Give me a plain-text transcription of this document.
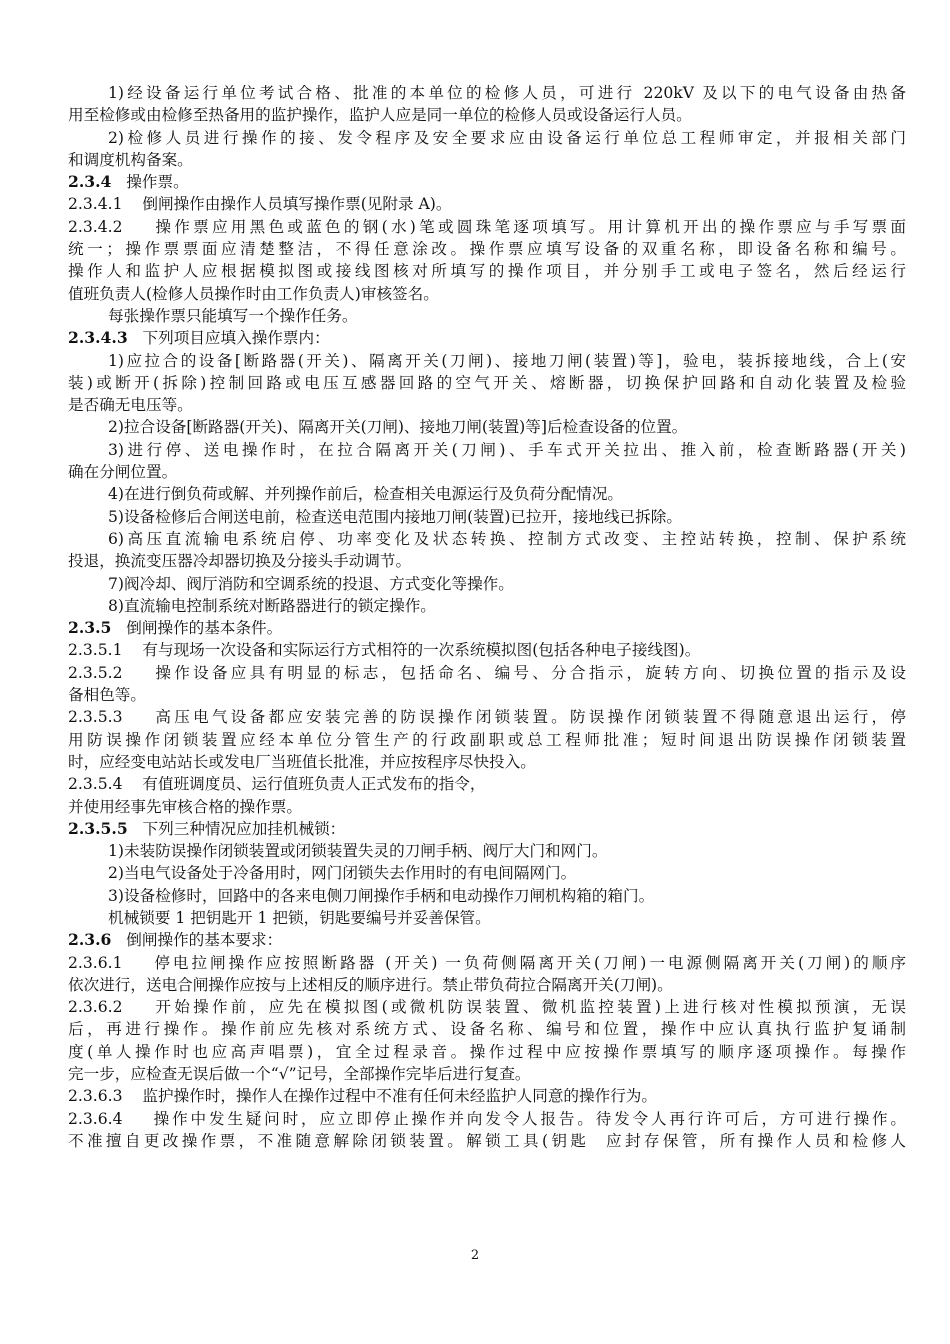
1)经设备运行单位考试合格、批准的本单位的检修人员，可进行 220kV 及以下的电气设备由热备
用至检修或由检修至热备用的监护操作，监护人应是同一单位的检修人员或设备运行人员。
2)检修人员进行操作的接、发令程序及安全要求应由设备运行单位总工程师审定，并报相关部门
和调度机构备案。
2.3.4   操作票。
2.3.4.1    倒闸操作由操作人员填写操作票(见附录 A)。
2.3.4.2    操作票应用黑色或蓝色的钢(水)笔或圆珠笔逐项填写。用计算机开出的操作票应与手写票面
统一；操作票票面应清楚整洁，不得任意涂改。操作票应填写设备的双重名称，即设备名称和编号。
操作人和监护人应根据模拟图或接线图核对所填写的操作项目，并分别手工或电子签名，然后经运行
值班负责人(检修人员操作时由工作负责人)审核签名。
每张操作票只能填写一个操作任务。
2.3.4.3   下列项目应填入操作票内：
1)应拉合的设备[断路器(开关)、隔离开关(刀闸)、接地刀闸(装置)等]，验电，装拆接地线，合上(安
装)或断开(拆除)控制回路或电压互感器回路的空气开关、熔断器，切换保护回路和自动化装置及检验
是否确无电压等。
2)拉合设备[断路器(开关)、隔离开关(刀闸)、接地刀闸(装置)等]后检查设备的位置。
3)进行停、送电操作时，在拉合隔离开关(刀闸)、手车式开关拉出、推入前，检查断路器(开关)
确在分闸位置。
4)在进行倒负荷或解、并列操作前后，检查相关电源运行及负荷分配情况。
5)设备检修后合闸送电前，检查送电范围内接地刀闸(装置)已拉开，接地线已拆除。
6)高压直流输电系统启停、功率变化及状态转换、控制方式改变、主控站转换，控制、保护系统
投退，换流变压器冷却器切换及分接头手动调节。
7)阀冷却、阀厅消防和空调系统的投退、方式变化等操作。
8)直流输电控制系统对断路器进行的锁定操作。
2.3.5   倒闸操作的基本条件。
2.3.5.1    有与现场一次设备和实际运行方式相符的一次系统模拟图(包括各种电子接线图)。
2.3.5.2    操作设备应具有明显的标志，包括命名、编号、分合指示，旋转方向、切换位置的指示及设
备相色等。
2.3.5.3    高压电气设备都应安装完善的防误操作闭锁装置。防误操作闭锁装置不得随意退出运行，停
用防误操作闭锁装置应经本单位分管生产的行政副职或总工程师批准；短时间退出防误操作闭锁装置
时，应经变电站站长或发电厂当班值长批准，并应按程序尽快投入。
2.3.5.4    有值班调度员、运行值班负责人正式发布的指令，
并使用经事先审核合格的操作票。
2.3.5.5   下列三种情况应加挂机械锁：
1)未装防误操作闭锁装置或闭锁装置失灵的刀闸手柄、阀厅大门和网门。
2)当电气设备处于冷备用时，网门闭锁失去作用时的有电间隔网门。
3)设备检修时，回路中的各来电侧刀闸操作手柄和电动操作刀闸机构箱的箱门。
机械锁要 1 把钥匙开 1 把锁，钥匙要编号并妥善保管。
2.3.6   倒闸操作的基本要求：
2.3.6.1    停电拉闸操作应按照断路器 (开关) 一负荷侧隔离开关(刀闸)一电源侧隔离开关(刀闸)的顺序
依次进行，送电合闸操作应按与上述相反的顺序进行。禁止带负荷拉合隔离开关(刀闸)。
2.3.6.2    开始操作前，应先在模拟图(或微机防误装置、微机监控装置)上进行核对性模拟预演，无误
后，再进行操作。操作前应先核对系统方式、设备名称、编号和位置，操作中应认真执行监护复诵制
度(单人操作时也应高声唱票)，宜全过程录音。操作过程中应按操作票填写的顺序逐项操作。每操作
完一步，应检查无误后做一个“√”记号，全部操作完毕后进行复查。
2.3.6.3    监护操作时，操作人在操作过程中不准有任何未经监护人同意的操作行为。
2.3.6.4    操作中发生疑问时，应立即停止操作并向发令人报告。待发令人再行许可后，方可进行操作。
不准擅自更改操作票，不准随意解除闭锁装置。解锁工具(钥匙  应封存保管，所有操作人员和检修人
2
